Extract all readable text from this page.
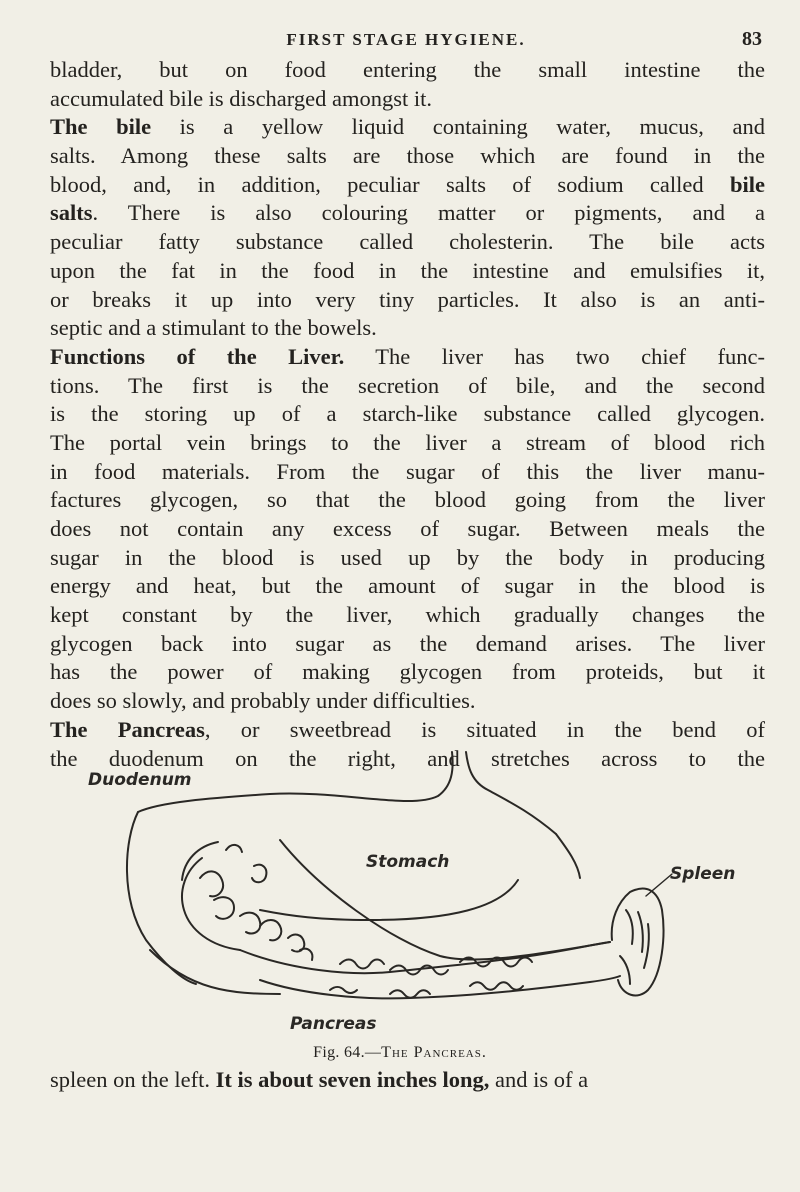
FIRST STAGE HYGIENE.	83
bladder, but on food entering the small intestine the
accumulated bile is discharged amongst it.
The bile is a yellow liquid containing water, mucus, and
salts. Among these salts are those which are found in the
blood, and, in addition, peculiar salts of sodium called bile
salts. There is also colouring matter or pigments, and a
peculiar fatty substance called cholesterin. The bile acts
upon the fat in the food in the intestine and emulsifies it,
or breaks it up into very tiny particles. It also is an anti-
septic and a stimulant to the bowels.
Functions of the Liver. The liver has two chief func-
tions. The first is the secretion of bile, and the second
is the storing up of a starch-like substance called glycogen.
The portal vein brings to the liver a stream of blood rich
in food materials. From the sugar of this the liver manu-
factures glycogen, so that the blood going from the liver
does not contain any excess of sugar. Between meals the
sugar in the blood is used up by the body in producing
energy and heat, but the amount of sugar in the blood is
kept constant by the liver, which gradually changes the
glycogen back into sugar as the demand arises. The liver
has the power of making glycogen from proteids, but it
does so slowly, and probably under difficulties.
The Pancreas, or sweetbread is situated in the bend of
the duodenum on the right, and stretches across to the
Duodenum
Stomach
Spleen
Pancreas
Fig. 64.—The Pancreas.
spleen on the left. It is about seven inches long, and is of a
